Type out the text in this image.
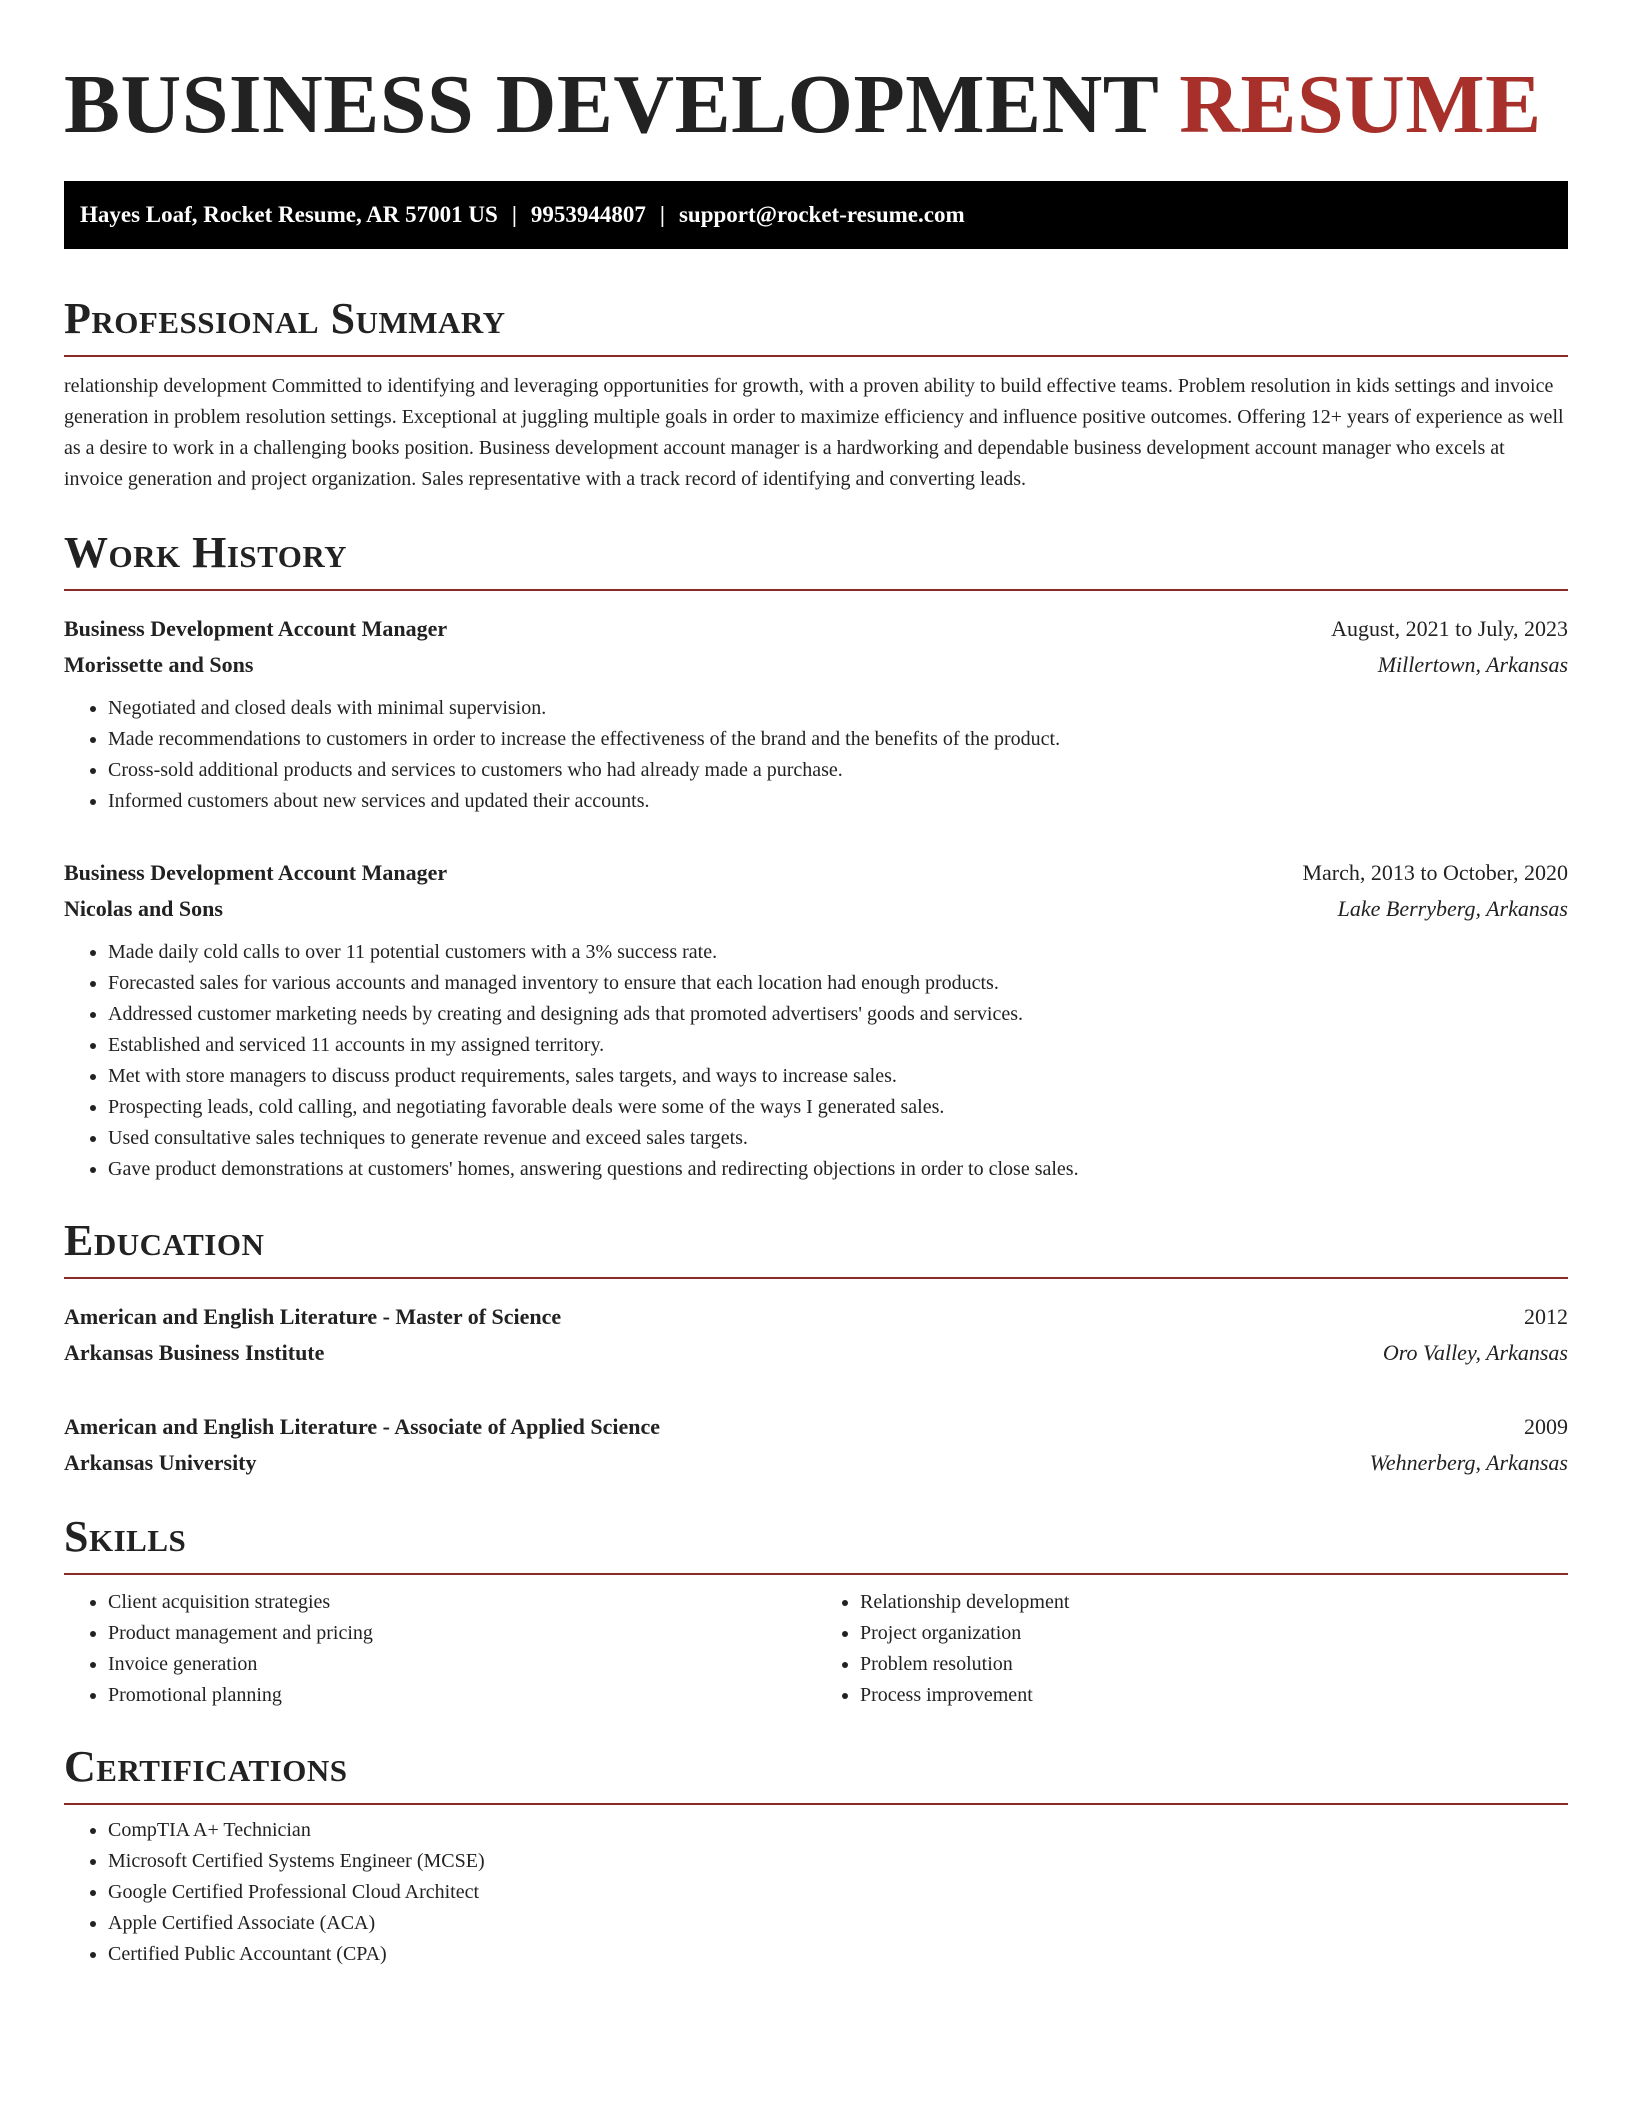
BUSINESS DEVELOPMENT RESUME
Hayes Loaf, Rocket Resume, AR 57001 US | 9953944807 | support@rocket-resume.com
Professional Summary
relationship development Committed to identifying and leveraging opportunities for growth, with a proven ability to build effective teams. Problem resolution in kids settings and invoice generation in problem resolution settings. Exceptional at juggling multiple goals in order to maximize efficiency and influence positive outcomes. Offering 12+ years of experience as well as a desire to work in a challenging books position. Business development account manager is a hardworking and dependable business development account manager who excels at invoice generation and project organization. Sales representative with a track record of identifying and converting leads.
Work History
Business Development Account Manager	August, 2021 to July, 2023
Morissette and Sons	Millertown, Arkansas
• Negotiated and closed deals with minimal supervision.
• Made recommendations to customers in order to increase the effectiveness of the brand and the benefits of the product.
• Cross-sold additional products and services to customers who had already made a purchase.
• Informed customers about new services and updated their accounts.
Business Development Account Manager	March, 2013 to October, 2020
Nicolas and Sons	Lake Berryberg, Arkansas
• Made daily cold calls to over 11 potential customers with a 3% success rate.
• Forecasted sales for various accounts and managed inventory to ensure that each location had enough products.
• Addressed customer marketing needs by creating and designing ads that promoted advertisers' goods and services.
• Established and serviced 11 accounts in my assigned territory.
• Met with store managers to discuss product requirements, sales targets, and ways to increase sales.
• Prospecting leads, cold calling, and negotiating favorable deals were some of the ways I generated sales.
• Used consultative sales techniques to generate revenue and exceed sales targets.
• Gave product demonstrations at customers' homes, answering questions and redirecting objections in order to close sales.
Education
American and English Literature - Master of Science	2012
Arkansas Business Institute	Oro Valley, Arkansas
American and English Literature - Associate of Applied Science	2009
Arkansas University	Wehnerberg, Arkansas
Skills
• Client acquisition strategies
• Product management and pricing
• Invoice generation
• Promotional planning
• Relationship development
• Project organization
• Problem resolution
• Process improvement
Certifications
• CompTIA A+ Technician
• Microsoft Certified Systems Engineer (MCSE)
• Google Certified Professional Cloud Architect
• Apple Certified Associate (ACA)
• Certified Public Accountant (CPA)
